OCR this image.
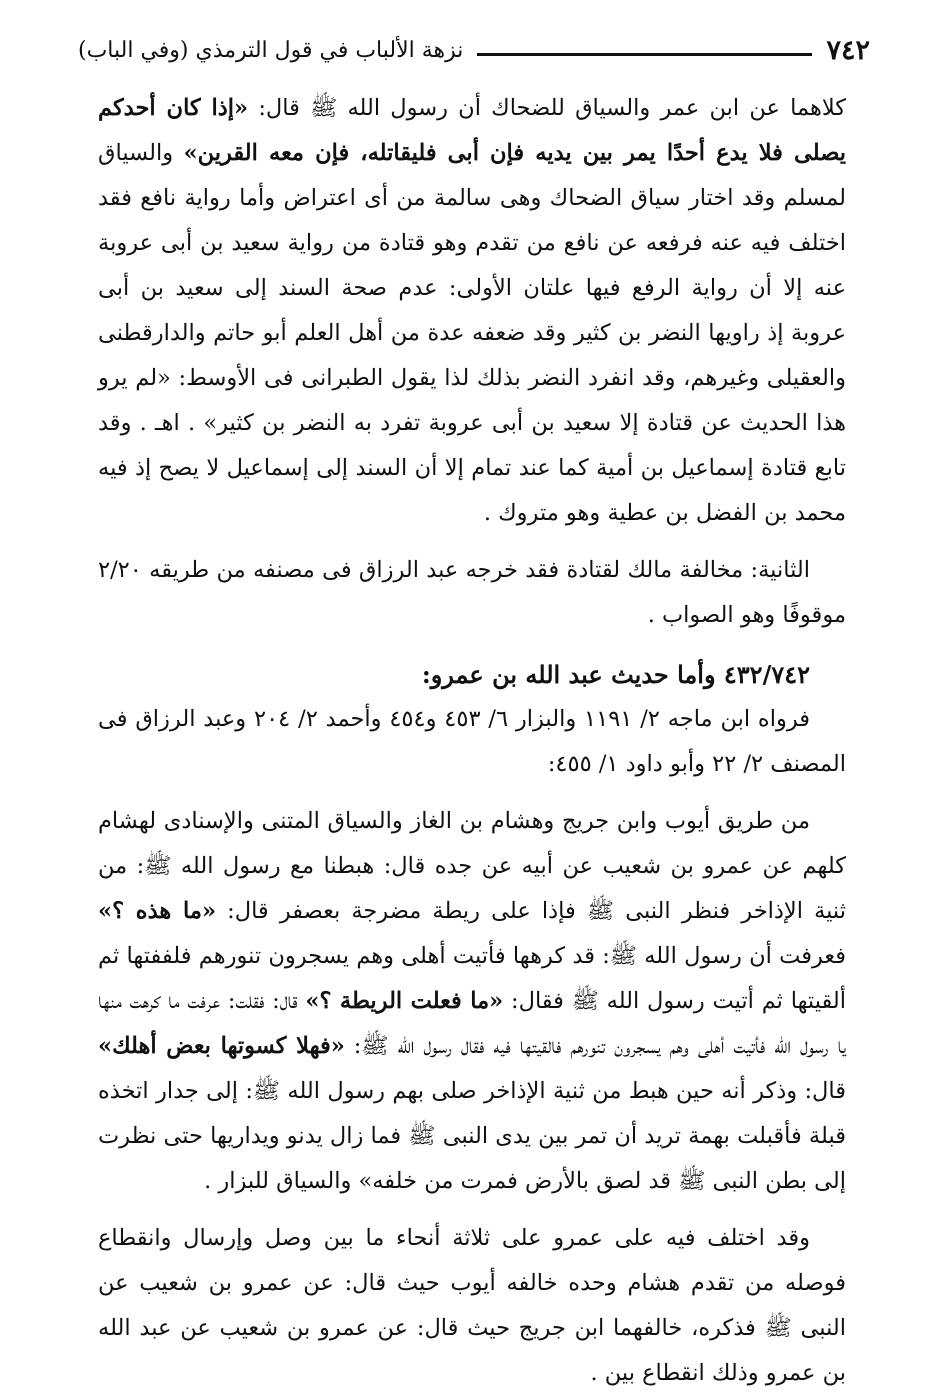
٧٤٢
نزهة الألباب في قول الترمذي (وفي الباب)

كلاهما عن ابن عمر والسياق للضحاك أن رسول الله ﷺ قال: «إذا كان أحدكم يصلى فلا يدع أحدًا يمر بين يديه فإن أبى فليقاتله، فإن معه القرين» والسياق لمسلم وقد اختار سياق الضحاك وهى سالمة من أى اعتراض وأما رواية نافع فقد اختلف فيه عنه فرفعه عن نافع من تقدم وهو قتادة من رواية سعيد بن أبى عروبة عنه إلا أن رواية الرفع فيها علتان الأولى: عدم صحة السند إلى سعيد بن أبى عروبة إذ راويها النضر بن كثير وقد ضعفه عدة من أهل العلم أبو حاتم والدارقطنى والعقيلى وغيرهم، وقد انفرد النضر بذلك لذا يقول الطبرانى فى الأوسط: «لم يرو هذا الحديث عن قتادة إلا سعيد بن أبى عروبة تفرد به النضر بن كثير» . اهـ . وقد تابع قتادة إسماعيل بن أمية كما عند تمام إلا أن السند إلى إسماعيل لا يصح إذ فيه محمد بن الفضل بن عطية وهو متروك .

الثانية: مخالفة مالك لقتادة فقد خرجه عبد الرزاق فى مصنفه من طريقه ٢/٢٠ موقوفًا وهو الصواب .

٤٣٢/٧٤٢ وأما حديث عبد الله بن عمرو:

فرواه ابن ماجه ٢/ ١١٩١ والبزار ٦/ ٤٥٣ و٤٥٤ وأحمد ٢/ ٢٠٤ وعبد الرزاق فى المصنف ٢/ ٢٢ وأبو داود ١/ ٤٥٥:

من طريق أيوب وابن جريج وهشام بن الغاز والسياق المتنى والإسنادى لهشام كلهم عن عمرو بن شعيب عن أبيه عن جده قال: هبطنا مع رسول الله ﷺ: من ثنية الإذاخر فنظر النبى ﷺ فإذا على ريطة مضرجة بعصفر قال: «ما هذه ؟» فعرفت أن رسول الله ﷺ: قد كرهها فأتيت أهلى وهم يسجرون تنورهم فلففتها ثم ألقيتها ثم أتيت رسول الله ﷺ فقال: «ما فعلت الريطة ؟» قال: فقلت: عرفت ما كرهت منها يا رسول الله فأتيت أهلى وهم يسجرون تنورهم فالقيتها فيه فقال رسول الله ﷺ: «فهلا كسوتها بعض أهلك» قال: وذكر أنه حين هبط من ثنية الإذاخر صلى بهم رسول الله ﷺ: إلى جدار اتخذه قبلة فأقبلت بهمة تريد أن تمر بين يدى النبى ﷺ فما زال يدنو ويداريها حتى نظرت إلى بطن النبى ﷺ قد لصق بالأرض فمرت من خلفه» والسياق للبزار .

وقد اختلف فيه على عمرو على ثلاثة أنحاء ما بين وصل وإرسال وانقطاع فوصله من تقدم هشام وحده خالفه أيوب حيث قال: عن عمرو بن شعيب عن النبى ﷺ فذكره، خالفهما ابن جريج حيث قال: عن عمرو بن شعيب عن عبد الله بن عمرو وذلك انقطاع بين .
